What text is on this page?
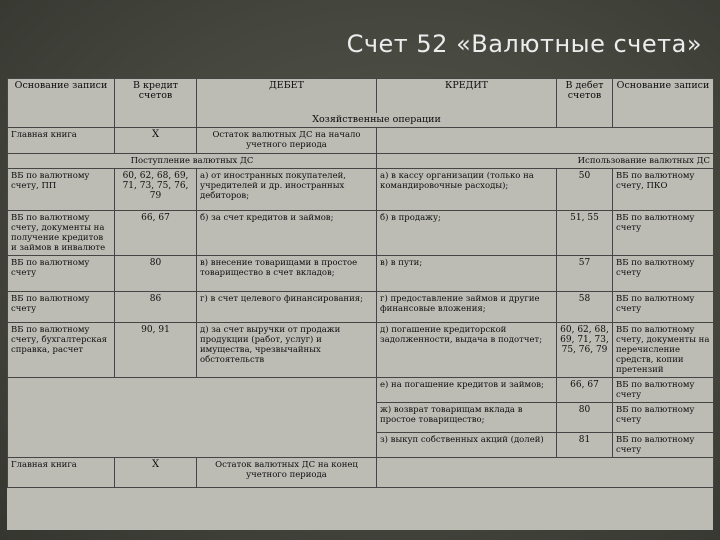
Счет 52 «Валютные счета»
Основание записи	В кредит счетов	ДЕБЕТ	КРЕДИТ	В дебет счетов	Основание записи
		Хозяйственные операции			
Главная книга	Х	Остаток валютных ДС на начало учетного периода			
Поступление валютных ДС			Использование валютных ДС		
ВБ по валютному счету, ПП	60, 62, 68, 69, 71, 73, 75, 76, 79	а) от иностранных покупателей, учредителей и др. иностранных дебиторов;	а) в кассу организации (только на командировочные расходы);	50	ВБ по валютному счету, ПКО
ВБ по валютному счету, документы на получение кредитов и займов в инвалюте	66, 67	б) за счет кредитов и займов;	б) в продажу;	51, 55	ВБ по валютному счету
ВБ по валютному счету	80	в) внесение товарищами в простое товарищество в счет вкладов;	в) в пути;	57	ВБ по валютному счету
ВБ по валютному счету	86	г) в счет целевого финансирования;	г) предоставление займов и другие финансовые вложения;	58	ВБ по валютному счету
ВБ по валютному счету, бухгалтерская справка, расчет	90, 91	д) за счет выручки от продажи продукции (работ, услуг) и имущества, чрезвычайных обстоятельств	д) погашение кредиторской задолженности, выдача в подотчет;	60, 62, 68, 69, 71, 73, 75, 76, 79	ВБ по валютному счету, документы на перечисление средств, копии претензий
			е) на погашение кредитов и займов;	66, 67	ВБ по валютному счету
			ж) возврат товарищам вклада в простое товарищество;	80	ВБ по валютному счету
			з) выкуп собственных акций (долей)	81	ВБ по валютному счету
Главная книга	Х	Остаток валютных ДС на конец учетного периода			
